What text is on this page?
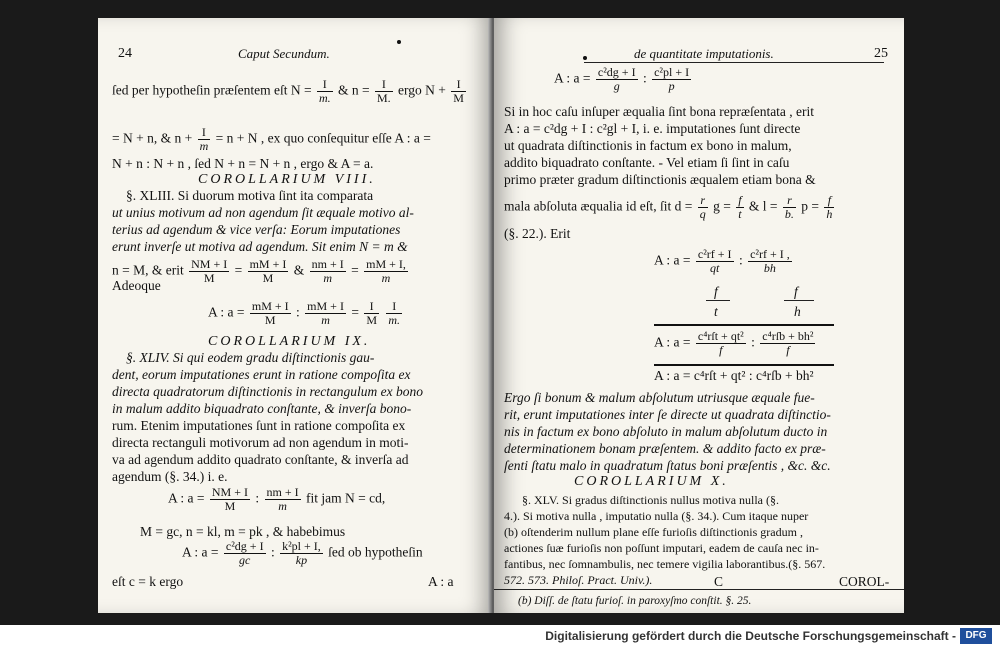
24	Caput Secundum.
ſed per hypotheſin præſentem eſt $N = \frac{I}{m.}$ & $n = \frac{I}{M.}$ ergo $N + \frac{I}{M}$
= N + n, & $n + \frac{I}{m} = n + N$ , ex quo conſequitur eſſe A : a =
N + n : N + n , ſed N + n = N + n , ergo & A = a.
COROLLARIUM VIII.
§. XLIII. Si duorum motiva ſint ita comparata
ut unius motivum ad non agendum ſit æquale motivo al-
terius ad agendum & vice verſa: Eorum imputationes
erunt inverſe ut motiva ad agendum. Sit enim N = m &
n = M, & erit $\frac{NM + I}{M} = \frac{mM + I}{M}$ & $\frac{nm + I}{m} = \frac{mM + I,}{m}$
Adeoque
A : $a = \frac{mM + I}{M}$ : $\frac{mM + I}{m} = \frac{I}{M}$
$\frac{I}{m.}$
COROLLARIUM IX.
§. XLIV. Si qui eodem gradu diſtinctionis gau-
dent, eorum imputationes erunt in ratione compoſita ex
directa quadratorum diſtinctionis in rectangulum ex bono
in malum addito biquadrato conſtante, & inverſa bono-
rum. Etenim imputationes ſunt in ratione compoſita ex
directa rectanguli motivorum ad non agendum in moti-
va ad agendum addito quadrato conſtante, & inverſa ad
agendum (§. 34.) i. e.
A : $a = \frac{NM + I}{M}$ : $\frac{nm + I}{m}$ fit jam N = cd,
M = gc, n = kl, m = pk , & habebimus
A : $a = \frac{\text{c²dg + I}}{gc}$ : $\frac{\text{k²pl + I,}}{kp}$ ſed ob hypotheſin
eſt c = k ergo	A : a
de quantitate imputationis.	25
A : $a = \frac{\text{c²dg + I}}{g}$ : $\frac{\text{c²pl + I}}{p}$
Si in hoc caſu inſuper æqualia ſint bona repræſentata , erit
A : a = c²dg + I : c²gl + I, i. e. imputationes ſunt directe
ut quadrata diſtinctionis in factum ex bono in malum,
addito biquadrato conſtante. - Vel etiam ſi ſint in caſu
primo præter gradum diſtinctionis æqualem etiam bona &
mala abſoluta æqualia id eſt, ſit $d = \frac{r}{q}$ $g = \frac{f}{t}$ & $l = \frac{r}{b.}$ $p = \frac{f}{h}$
(§. 22.). Erit
A : $a = \frac{\text{c²rf + I}}{qt}$ : $\frac{\text{c²rf + I ,}}{bh}$
f	f
t	h
A : $a = \frac{\text{c⁴rſt + qt²}}{f}$ : $\frac{\text{c⁴rſb + bh²}}{f}$
A : a = c⁴rſt + qt² : c⁴rſb + bh²
Ergo ſi bonum & malum abſolutum utriusque æquale fue-
rit, erunt imputationes inter ſe directe ut quadrata diſtinctio-
nis in factum ex bono abſoluto in malum abſolutum ducto in
determinationem bonam præſentem. & addito facto ex præ-
ſenti ſtatu malo in quadratum ſtatus boni præſentis , &c. &c.
COROLLARIUM X.
§. XLV. Si gradus diſtinctionis nullus motiva nulla (§.
4.). Si motiva nulla , imputatio nulla (§. 34.). Cum itaque nuper
(b) oſtenderim nullum plane eſſe furioſis diſtinctionis gradum ,
actiones ſuæ furioſis non poſſunt imputari, eadem de cauſa nec in-
fantibus, nec ſomnambulis, nec temere vigilia laborantibus.(§. 567.
572. 573. Philoſ. Pract. Univ.).	C	COROL-
(b) Diſſ. de ſtatu furioſ. in paroxyſmo conſtit. §. 25.
Digitalisierung gefördert durch die Deutsche Forschungsgemeinschaft - DFG
